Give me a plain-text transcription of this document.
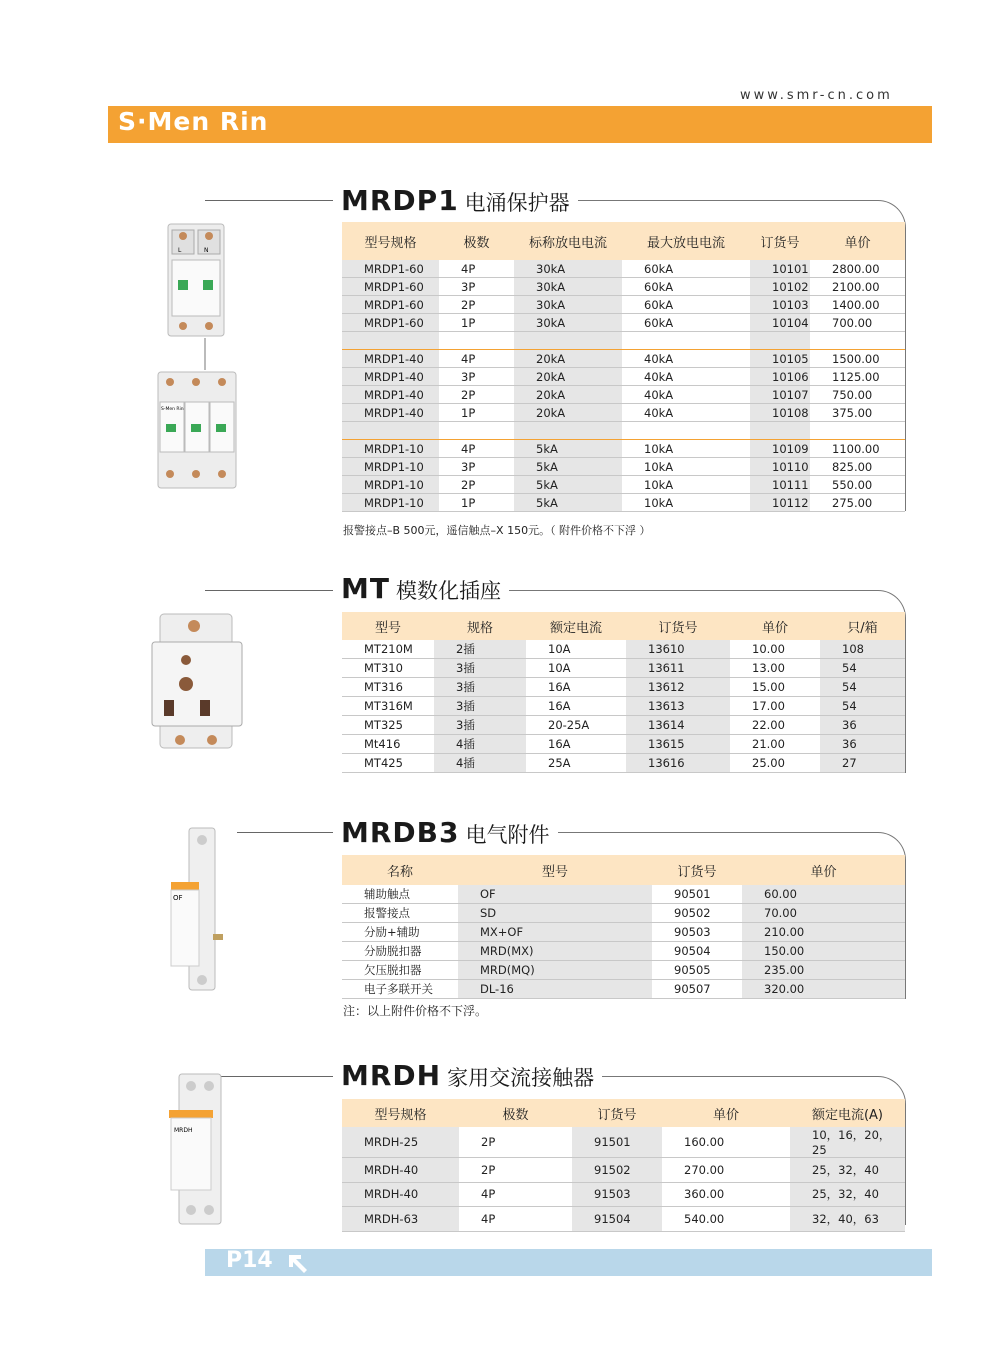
www.smr-cn.com
S·Men Rin
MRDP1 电涌保护器
L	N
S-Men Rin
型号规格	极数	标称放电电流	最大放电电流	订货号	单价
MRDP1-60	4P	30kA	60kA	10101	2800.00
MRDP1-60	3P	30kA	60kA	10102	2100.00
MRDP1-60	2P	30kA	60kA	10103	1400.00
MRDP1-60	1P	30kA	60kA	10104	700.00

MRDP1-40	4P	20kA	40kA	10105	1500.00
MRDP1-40	3P	20kA	40kA	10106	1125.00
MRDP1-40	2P	20kA	40kA	10107	750.00
MRDP1-40	1P	20kA	40kA	10108	375.00

MRDP1-10	4P	5kA	10kA	10109	1100.00
MRDP1-10	3P	5kA	10kA	10110	825.00
MRDP1-10	2P	5kA	10kA	10111	550.00
MRDP1-10	1P	5kA	10kA	10112	275.00
报警接点–B 500元，遥信触点–X 150元。（ 附件价格不下浮 ）
MT 模数化插座
型号	规格	额定电流	订货号	单价	只/箱
MT210M	2插	10A	13610	10.00	108
MT310	3插	10A	13611	13.00	54
MT316	3插	16A	13612	15.00	54
MT316M	3插	16A	13613	17.00	54
MT325	3插	20-25A	13614	22.00	36
Mt416	4插	16A	13615	21.00	36
MT425	4插	25A	13616	25.00	27
MRDB3 电气附件
OF
名称	型号	订货号	单价
辅助触点	OF	90501	60.00
报警接点	SD	90502	70.00
分励+辅助	MX+OF	90503	210.00
分励脱扣器	MRD(MX)	90504	150.00
欠压脱扣器	MRD(MQ)	90505	235.00
电子多联开关	DL-16	90507	320.00
注：以上附件价格不下浮。
MRDH 家用交流接触器
MRDH
型号规格	极数	订货号	单价	额定电流(A)
MRDH-25	2P	91501	160.00	10，16，20，25
MRDH-40	2P	91502	270.00	25，32，40
MRDH-40	4P	91503	360.00	25，32，40
MRDH-63	4P	91504	540.00	32，40，63
P14
